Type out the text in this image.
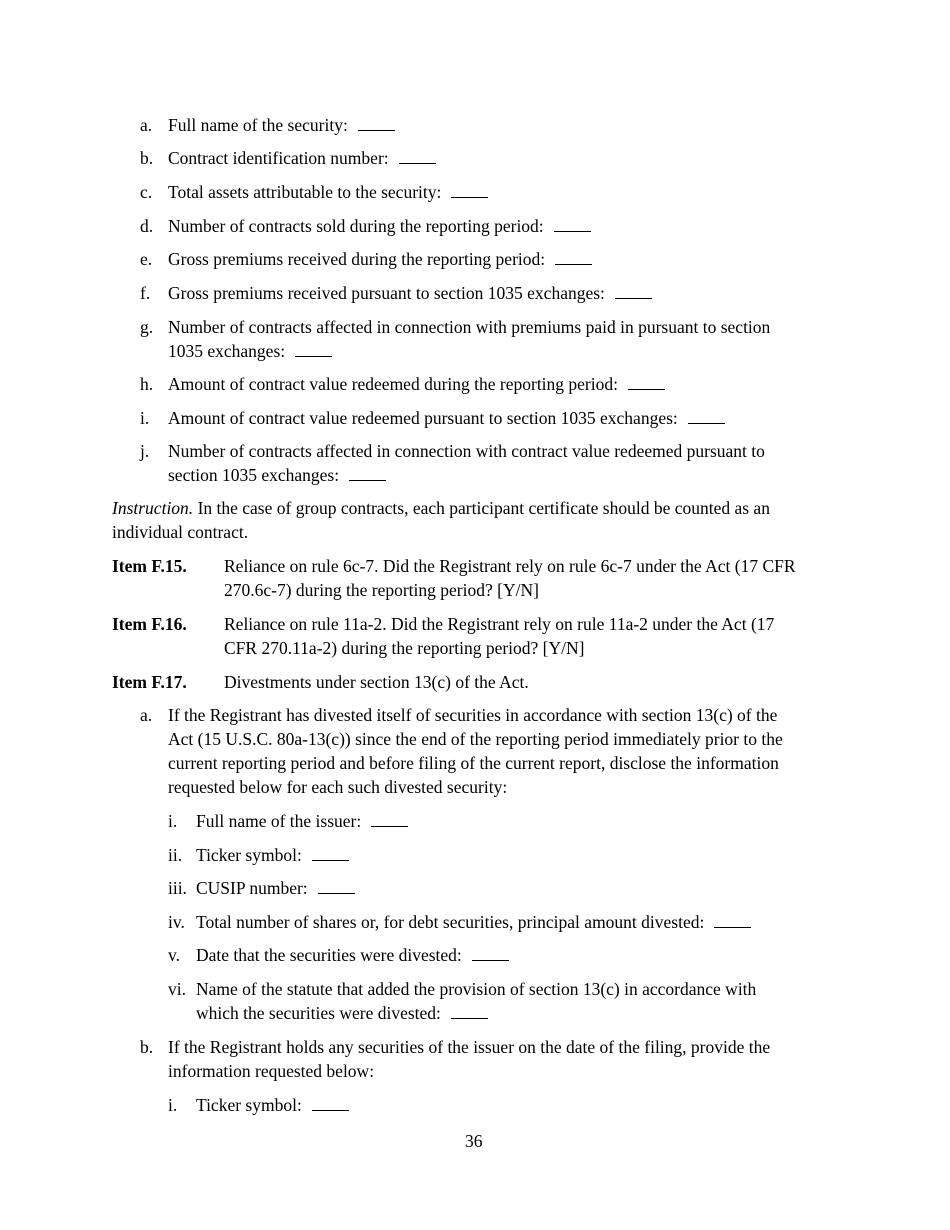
a. Full name of the security:
b. Contract identification number:
c. Total assets attributable to the security:
d. Number of contracts sold during the reporting period:
e. Gross premiums received during the reporting period:
f. Gross premiums received pursuant to section 1035 exchanges:
g. Number of contracts affected in connection with premiums paid in pursuant to section
1035 exchanges:
h. Amount of contract value redeemed during the reporting period:
i. Amount of contract value redeemed pursuant to section 1035 exchanges:
j. Number of contracts affected in connection with contract value redeemed pursuant to
section 1035 exchanges:
Instruction. In the case of group contracts, each participant certificate should be counted as an
individual contract.
Item F.15. Reliance on rule 6c-7. Did the Registrant rely on rule 6c-7 under the Act (17 CFR
270.6c-7) during the reporting period? [Y/N]
Item F.16. Reliance on rule 11a-2. Did the Registrant rely on rule 11a-2 under the Act (17
CFR 270.11a-2) during the reporting period? [Y/N]
Item F.17. Divestments under section 13(c) of the Act.
a. If the Registrant has divested itself of securities in accordance with section 13(c) of the
Act (15 U.S.C. 80a-13(c)) since the end of the reporting period immediately prior to the
current reporting period and before filing of the current report, disclose the information
requested below for each such divested security:
i. Full name of the issuer:
ii. Ticker symbol:
iii. CUSIP number:
iv. Total number of shares or, for debt securities, principal amount divested:
v. Date that the securities were divested:
vi. Name of the statute that added the provision of section 13(c) in accordance with
which the securities were divested:
b. If the Registrant holds any securities of the issuer on the date of the filing, provide the
information requested below:
i. Ticker symbol:
36
